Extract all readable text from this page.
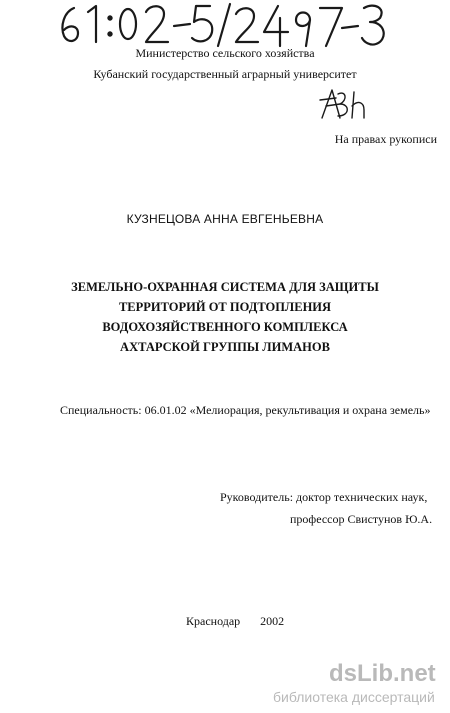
Министерство сельского хозяйства
Кубанский государственный аграрный университет
На правах рукописи
КУЗНЕЦОВА АННА ЕВГЕНЬЕВНА
ЗЕМЕЛЬНО-ОХРАННАЯ СИСТЕМА ДЛЯ ЗАЩИТЫ
ТЕРРИТОРИЙ ОТ ПОДТОПЛЕНИЯ
ВОДОХОЗЯЙСТВЕННОГО КОМПЛЕКСА
АХТАРСКОЙ ГРУППЫ ЛИМАНОВ
Специальность: 06.01.02 «Мелиорация, рекультивация и охрана земель»
Руководитель: доктор технических наук,
профессор Свистунов Ю.А.
Краснодар 2002
dsLib.net
библиотека диссертаций
